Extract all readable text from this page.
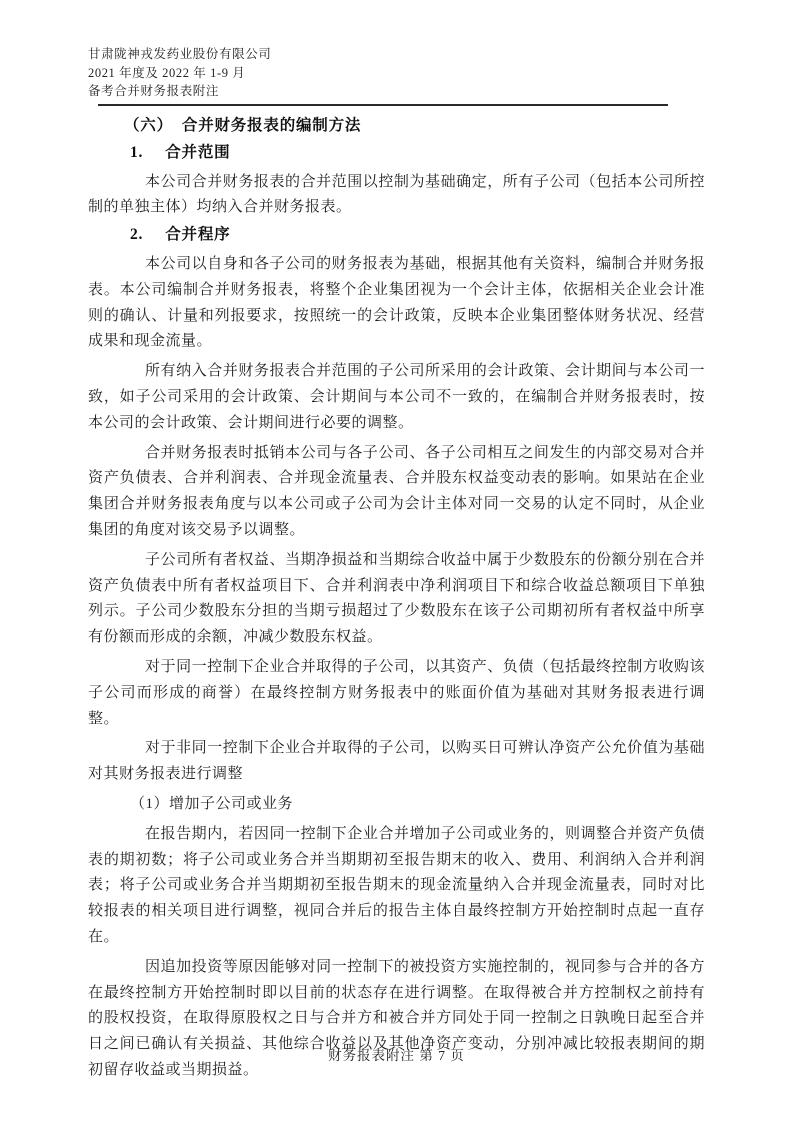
甘肃陇神戎发药业股份有限公司
2021 年度及 2022 年 1-9 月
备考合并财务报表附注
（六） 合并财务报表的编制方法
1. 合并范围

本公司合并财务报表的合并范围以控制为基础确定，所有子公司（包括本公司所控制的单独主体）均纳入合并财务报表。

2. 合并程序

本公司以自身和各子公司的财务报表为基础，根据其他有关资料，编制合并财务报表。本公司编制合并财务报表，将整个企业集团视为一个会计主体，依据相关企业会计准则的确认、计量和列报要求，按照统一的会计政策，反映本企业集团整体财务状况、经营成果和现金流量。

所有纳入合并财务报表合并范围的子公司所采用的会计政策、会计期间与本公司一致，如子公司采用的会计政策、会计期间与本公司不一致的，在编制合并财务报表时，按本公司的会计政策、会计期间进行必要的调整。

合并财务报表时抵销本公司与各子公司、各子公司相互之间发生的内部交易对合并资产负债表、合并利润表、合并现金流量表、合并股东权益变动表的影响。如果站在企业集团合并财务报表角度与以本公司或子公司为会计主体对同一交易的认定不同时，从企业集团的角度对该交易予以调整。

子公司所有者权益、当期净损益和当期综合收益中属于少数股东的份额分别在合并资产负债表中所有者权益项目下、合并利润表中净利润项目下和综合收益总额项目下单独列示。子公司少数股东分担的当期亏损超过了少数股东在该子公司期初所有者权益中所享有份额而形成的余额，冲减少数股东权益。

对于同一控制下企业合并取得的子公司，以其资产、负债（包括最终控制方收购该子公司而形成的商誉）在最终控制方财务报表中的账面价值为基础对其财务报表进行调整。

对于非同一控制下企业合并取得的子公司，以购买日可辨认净资产公允价值为基础对其财务报表进行调整

（1）增加子公司或业务

在报告期内，若因同一控制下企业合并增加子公司或业务的，则调整合并资产负债表的期初数；将子公司或业务合并当期期初至报告期末的收入、费用、利润纳入合并利润表；将子公司或业务合并当期期初至报告期末的现金流量纳入合并现金流量表，同时对比较报表的相关项目进行调整，视同合并后的报告主体自最终控制方开始控制时点起一直存在。

因追加投资等原因能够对同一控制下的被投资方实施控制的，视同参与合并的各方在最终控制方开始控制时即以目前的状态存在进行调整。在取得被合并方控制权之前持有的股权投资，在取得原股权之日与合并方和被合并方同处于同一控制之日孰晚日起至合并日之间已确认有关损益、其他综合收益以及其他净资产变动，分别冲减比较报表期间的期初留存收益或当期损益。

财务报表附注 第 7 页
